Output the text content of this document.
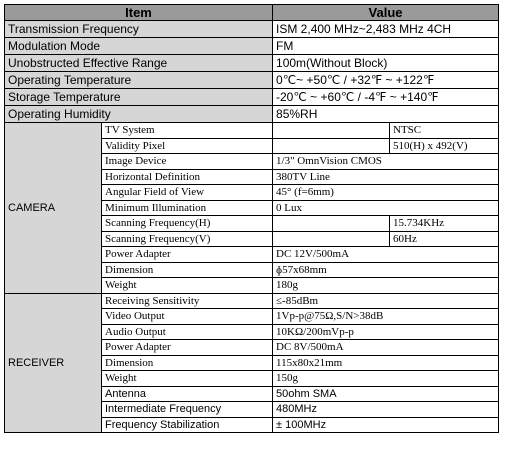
Item		Value	
Transmission Frequency		ISM 2,400 MHz~2,483 MHz 4CH	
Modulation Mode		FM	
Unobstructed Effective Range		100m(Without Block)	
Operating Temperature		0℃~ +50℃ / +32℉ ~ +122℉	
Storage Temperature		-20℃ ~ +60℃ / -4℉ ~ +140℉	
Operating Humidity		85%RH	
CAMERA	TV System		NTSC
	Validity Pixel		510(H) x 492(V)
	Image Device	1/3" OmnVision CMOS	
	Horizontal Definition	380TV Line	
	Angular Field of View	45° (f=6mm)	
	Minimum Illumination	0 Lux	
	Scanning Frequency(H)		15.734KHz
	Scanning Frequency(V)		60Hz
	Power Adapter	DC 12V/500mA	
	Dimension	ɸ57x68mm	
	Weight	180g	
RECEIVER	Receiving Sensitivity	≤-85dBm	
	Video Output	1Vp-p@75Ω,S/N>38dB	
	Audio Output	10KΩ/200mVp-p	
	Power Adapter	DC 8V/500mA	
	Dimension	115x80x21mm	
	Weight	150g	
	Antenna	50ohm SMA	
	Intermediate Frequency	480MHz	
	Frequency Stabilization	± 100MHz	
